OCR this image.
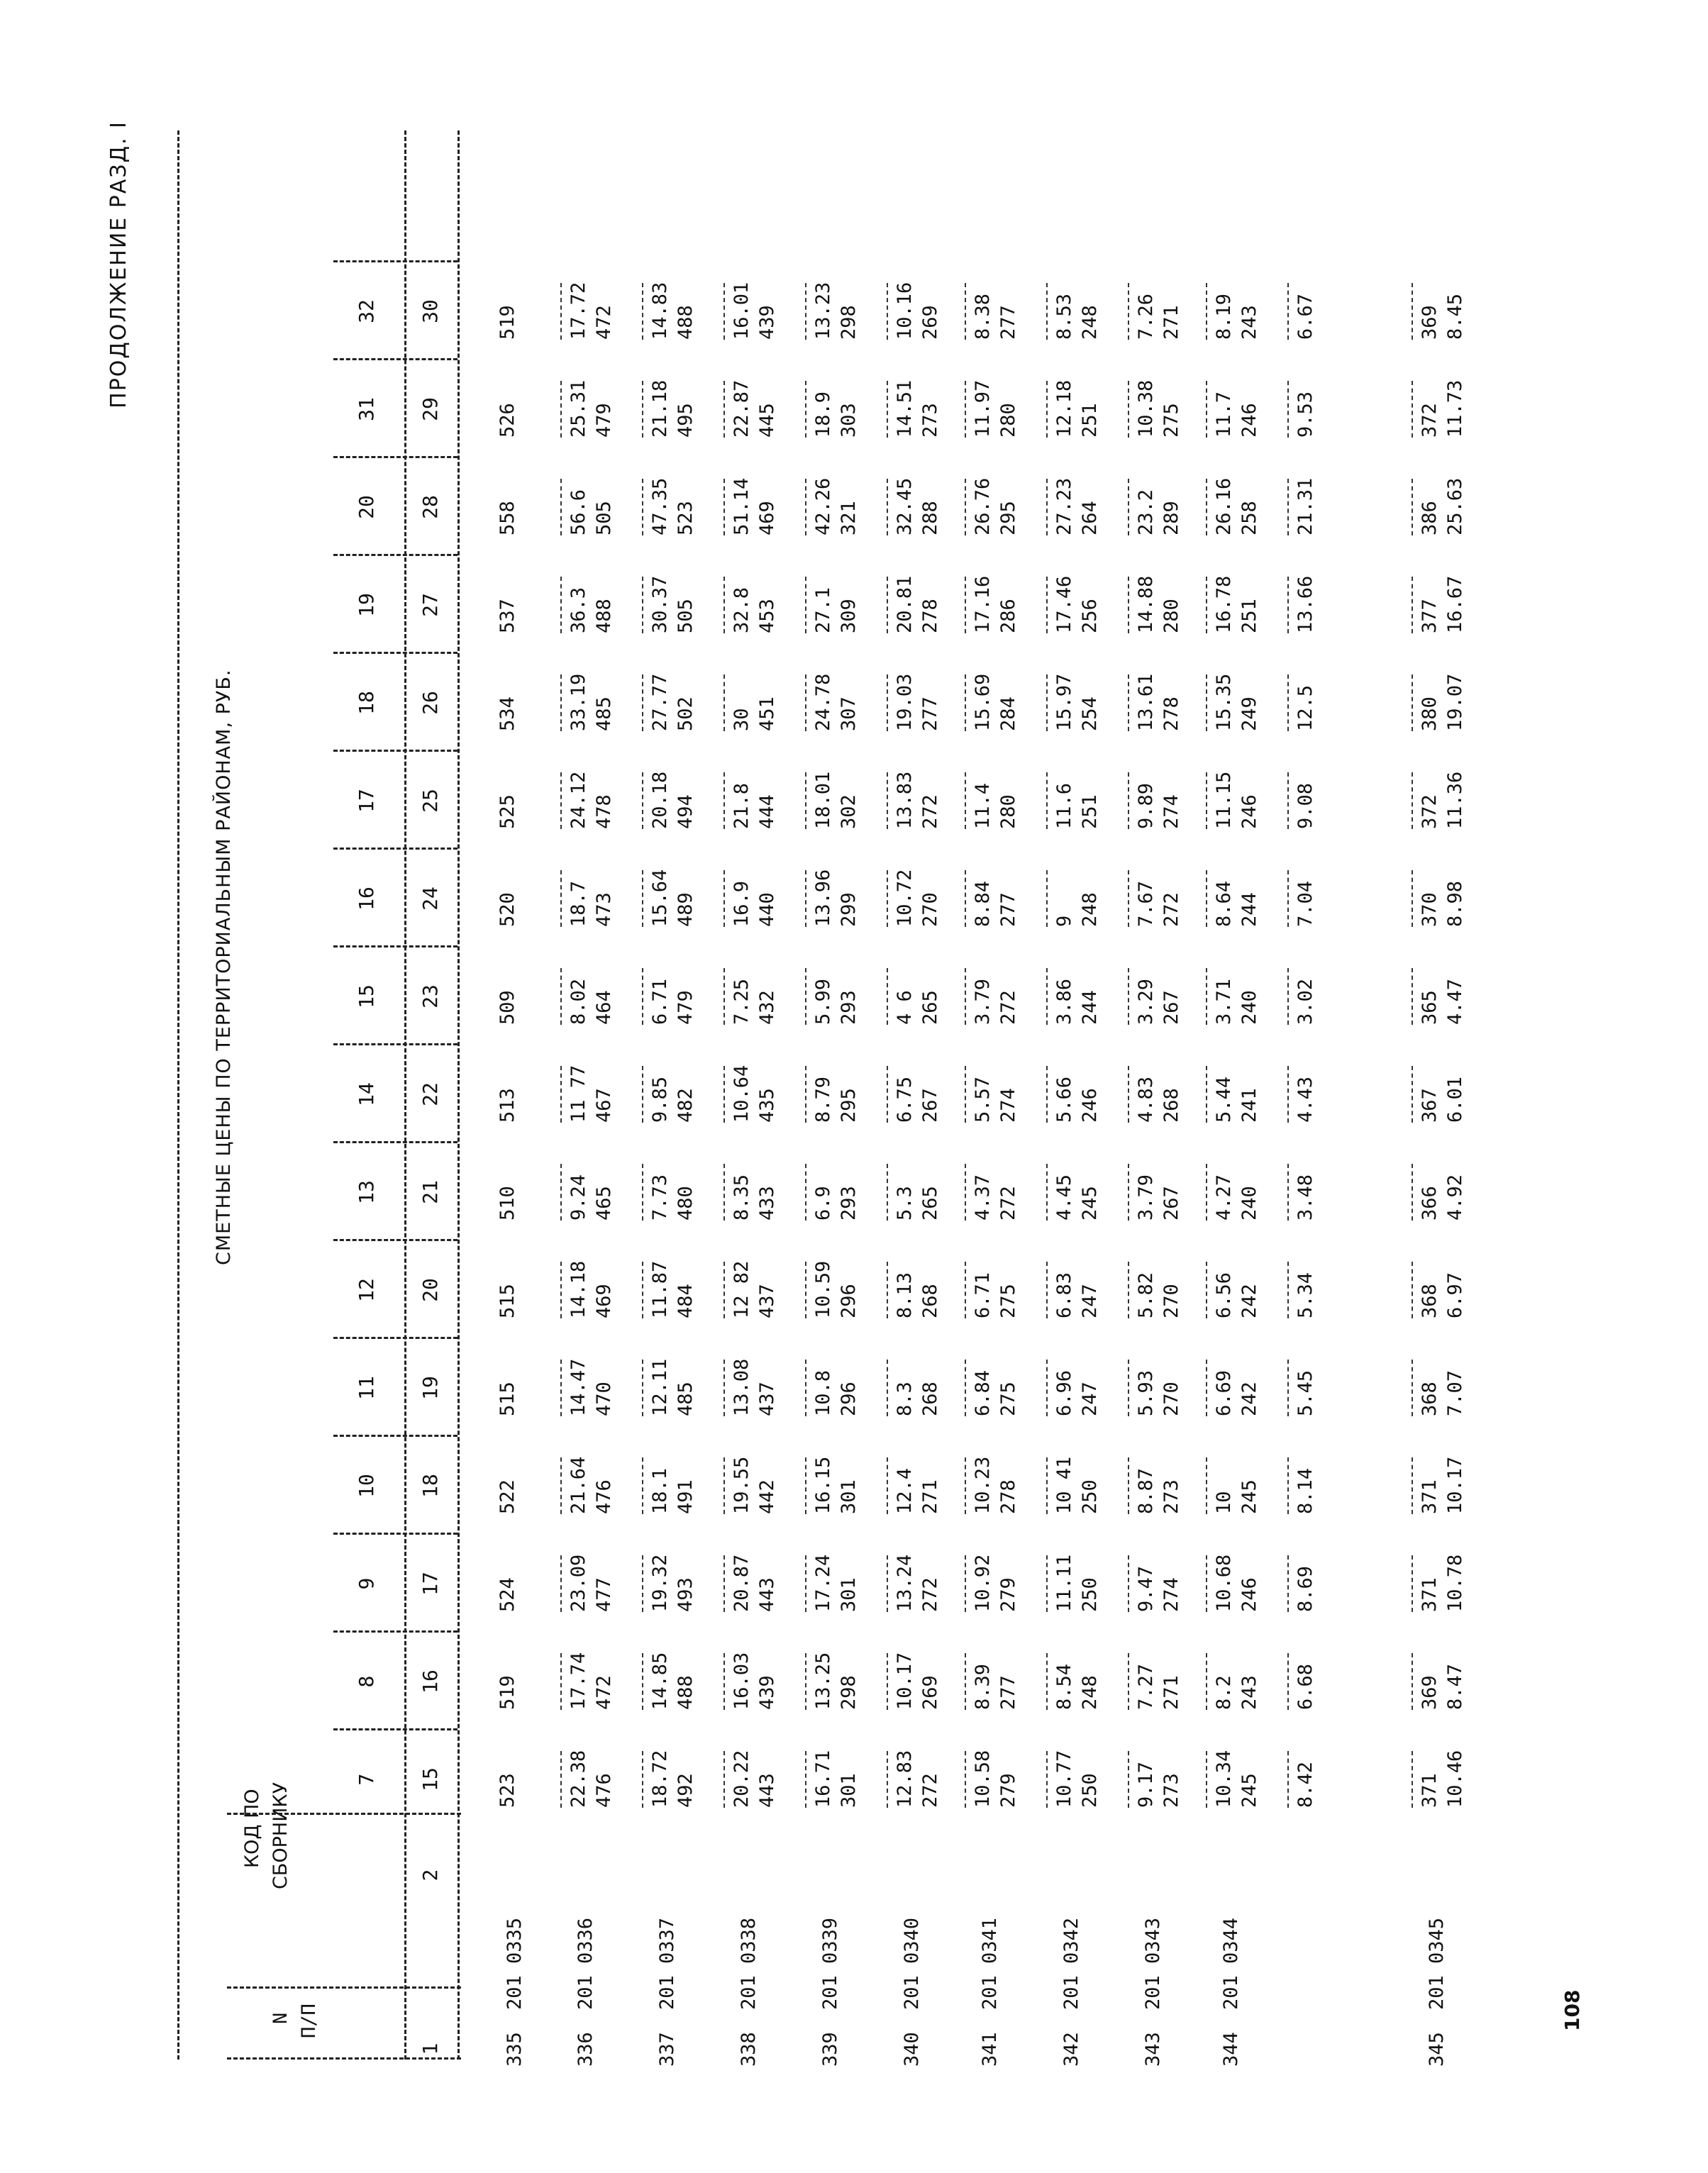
ПРОДОЛЖЕНИЕ РАЗД. I
108
СМЕТНЫЕ ЦЕНЫ ПО ТЕРРИТОРИАЛЬНЫМ РАЙОНАМ, РУБ.
N П/П
КОД ПО СБОРНИКУ
7
8
9
10
11
12
13
14
15
16
17
18
19
20
31
32
1
2
15
16
17
18
19
20
21
22
23
24
25
26
27
28
29
30
335
201 0335
523
519
524
522
515
515
510
513
509
520
525
534
537
558
526
519
336
201 0336
22.38 476
17.74 472
23.09 477
21.64 476
14.47 470
14.18 469
9.24 465
11 77 467
8.02 464
18.7 473
24.12 478
33.19 485
36.3 488
56.6 505
25.31 479
17.72 472
337
201 0337
18.72 492
14.85 488
19.32 493
18.1 491
12.11 485
11.87 484
7.73 480
9.85 482
6.71 479
15.64 489
20.18 494
27.77 502
30.37 505
47.35 523
21.18 495
14.83 488
338
201 0338
20.22 443
16.03 439
20.87 443
19.55 442
13.08 437
12 82 437
8.35 433
10.64 435
7.25 432
16.9 440
21.8 444
30 451
32.8 453
51.14 469
22.87 445
16.01 439
339
201 0339
16.71 301
13.25 298
17.24 301
16.15 301
10.8 296
10.59 296
6.9 293
8.79 295
5.99 293
13.96 299
18.01 302
24.78 307
27.1 309
42.26 321
18.9 303
13.23 298
340
201 0340
12.83 272
10.17 269
13.24 272
12.4 271
8.3 268
8.13 268
5.3 265
6.75 267
4 6 265
10.72 270
13.83 272
19.03 277
20.81 278
32.45 288
14.51 273
10.16 269
341
201 0341
10.58 279
8.39 277
10.92 279
10.23 278
6.84 275
6.71 275
4.37 272
5.57 274
3.79 272
8.84 277
11.4 280
15.69 284
17.16 286
26.76 295
11.97 280
8.38 277
342
201 0342
10.77 250
8.54 248
11.11 250
10 41 250
6.96 247
6.83 247
4.45 245
5.66 246
3.86 244
9 248
11.6 251
15.97 254
17.46 256
27.23 264
12.18 251
8.53 248
343
201 0343
9.17 273
7.27 271
9.47 274
8.87 273
5.93 270
5.82 270
3.79 267
4.83 268
3.29 267
7.67 272
9.89 274
13.61 278
14.88 280
23.2 289
10.38 275
7.26 271
344
201 0344
10.34 245
8.2 243
10.68 246
10 245
6.69 242
6.56 242
4.27 240
5.44 241
3.71 240
8.64 244
11.15 246
15.35 249
16.78 251
26.16 258
11.7 246
8.19 243
8.42
6.68
8.69
8.14
5.45
5.34
3.48
4.43
3.02
7.04
9.08
12.5
13.66
21.31
9.53
6.67
345
201 0345
371 10.46
369 8.47
371 10.78
371 10.17
368 7.07
368 6.97
366 4.92
367 6.01
365 4.47
370 8.98
372 11.36
380 19.07
377 16.67
386 25.63
372 11.73
369 8.45
